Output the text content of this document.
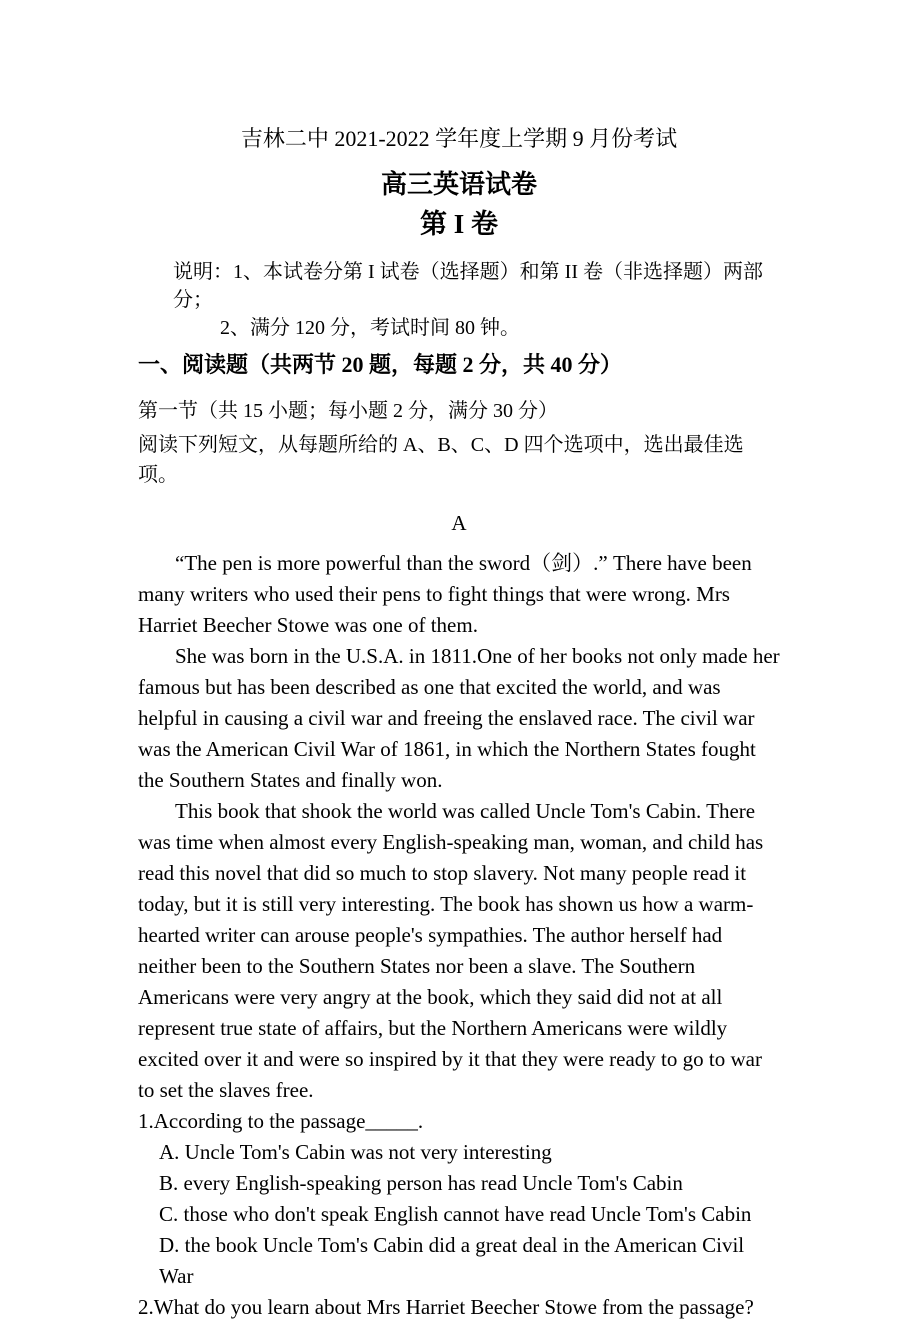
吉林二中 2021-2022 学年度上学期 9 月份考试

高三英语试卷

第 I 卷

说明：1、本试卷分第 I 试卷（选择题）和第 II 卷（非选择题）两部分；
2、满分 120 分，考试时间 80 钟。

一、阅读题（共两节 20 题，每题 2 分，共 40 分）

第一节（共 15 小题；每小题 2 分，满分 30 分）

阅读下列短文，从每题所给的 A、B、C、D 四个选项中，选出最佳选项。

A

“The pen is more powerful than the sword（剑）.” There have been many writers who used their pens to fight things that were wrong. Mrs Harriet Beecher Stowe was one of them.

She was born in the U.S.A. in 1811.One of her books not only made her famous but has been described as one that excited the world, and was helpful in causing a civil war and freeing the enslaved race. The civil war was the American Civil War of 1861, in which the Northern States fought the Southern States and finally won.

This book that shook the world was called Uncle Tom's Cabin. There was time when almost every English-speaking man, woman, and child has read this novel that did so much to stop slavery. Not many people read it today, but it is still very interesting. The book has shown us how a warm-hearted writer can arouse people's sympathies. The author herself had neither been to the Southern States nor been a slave. The Southern Americans were very angry at the book, which they said did not at all represent true state of affairs, but the Northern Americans were wildly excited over it and were so inspired by it that they were ready to go to war to set the slaves free.

1.According to the passage_____.

A. Uncle Tom's Cabin was not very interesting

B. every English-speaking person has read Uncle Tom's Cabin

C. those who don't speak English cannot have read Uncle Tom's Cabin

D. the book Uncle Tom's Cabin did a great deal in the American Civil War

2.What do you learn about Mrs Harriet Beecher Stowe from the passage?
